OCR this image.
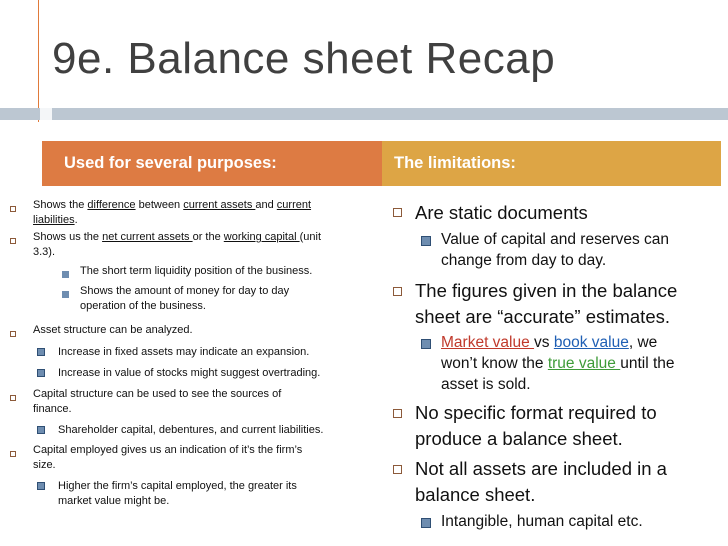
9e. Balance sheet Recap
Used for several purposes:	The limitations:
Shows the difference between current assets and current
liabilities.
Shows us the net current assets or the working capital (unit
3.3).
The short term liquidity position of the business.
Shows the amount of money for day to day
operation of the business.
Asset structure can be analyzed.
Increase in fixed assets may indicate an expansion.
Increase in value of stocks might suggest overtrading.
Capital structure can be used to see the sources of
finance.
Shareholder capital, debentures, and current liabilities.
Capital employed gives us an indication of it’s the firm’s
size.
Higher the firm’s capital employed, the greater its
market value might be.
Are static documents
Value of capital and reserves can
change from day to day.
The figures given in the balance
sheet are “accurate” estimates.
Market value vs book value, we
won’t know the true value until the
asset is sold.
No specific format required to
produce a balance sheet.
Not all assets are included in a
balance sheet.
Intangible, human capital etc.
